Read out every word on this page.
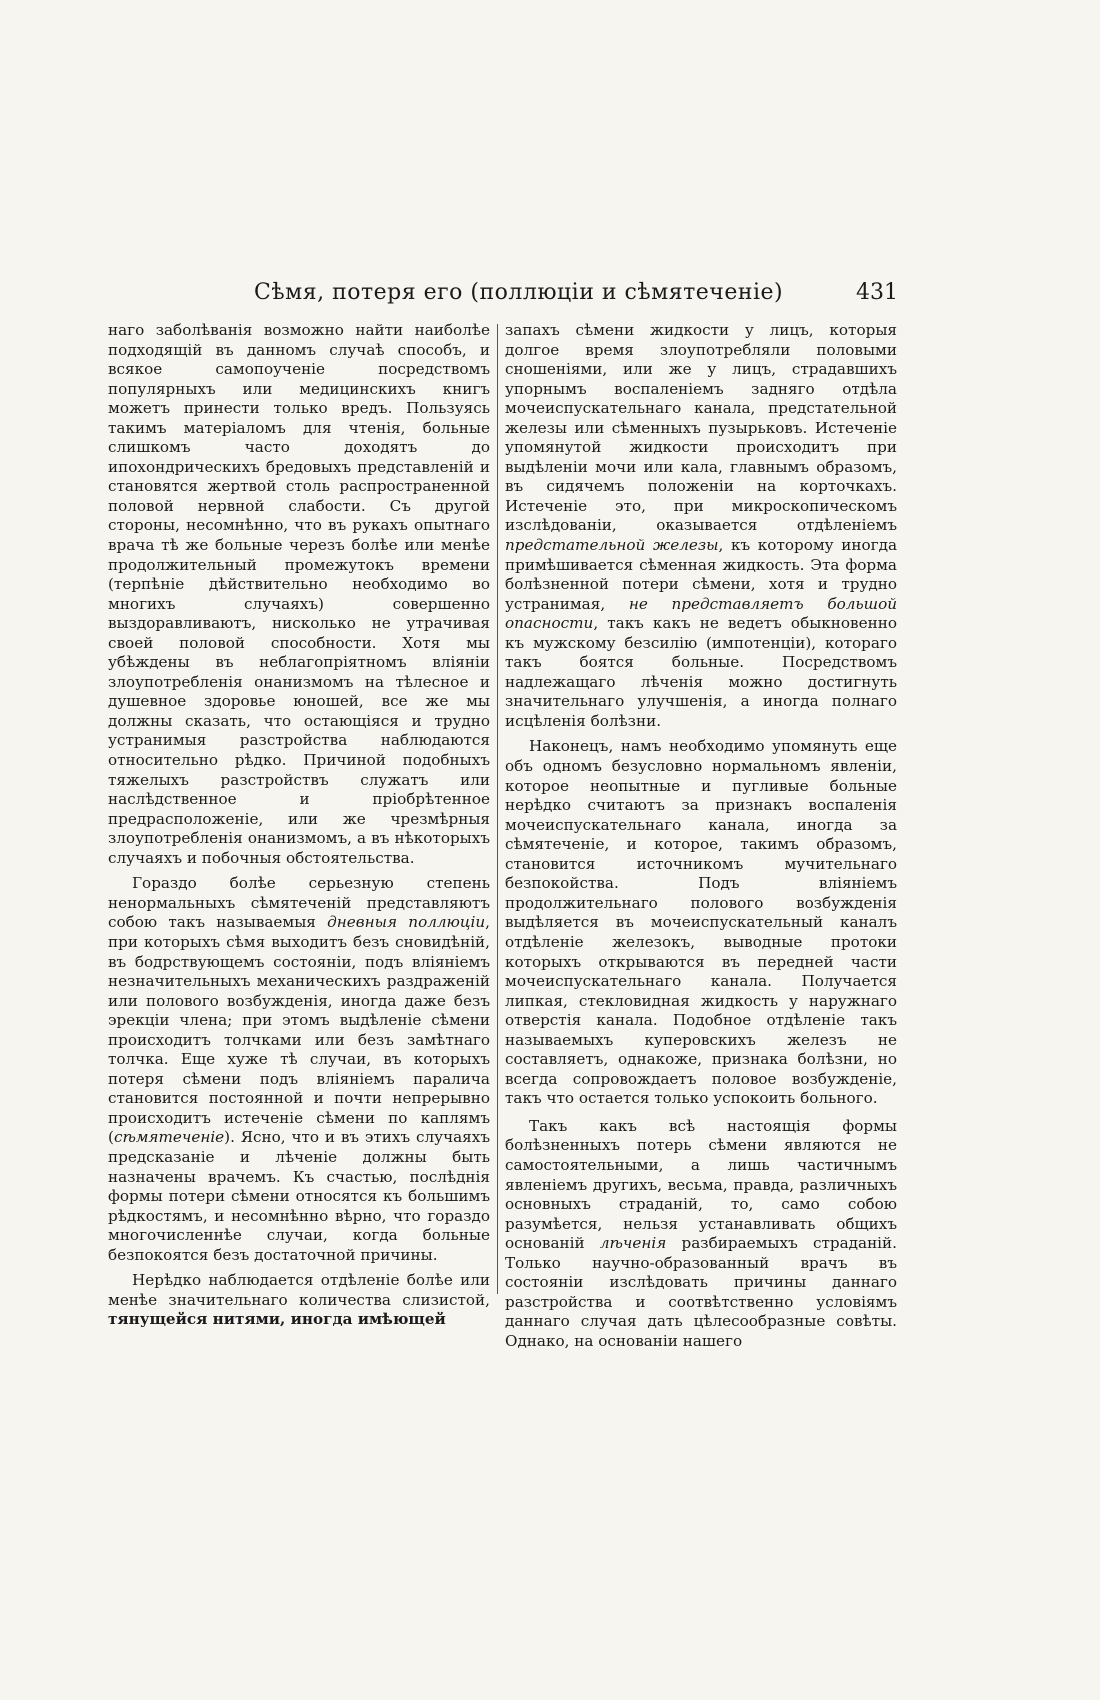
Сѣмя, потеря его (поллюціи и сѣмятеченіе)	431

наго заболѣванія возможно найти наиболѣе подходящій въ данномъ случаѣ способъ, и всякое самопоученіе посредствомъ популярныхъ или медицинскихъ книгъ можетъ принести только вредъ. Пользуясь такимъ матеріаломъ для чтенія, больные слишкомъ часто доходятъ до ипохондрическихъ бредовыхъ представленій и становятся жертвой столь распространенной половой нервной слабости. Съ другой стороны, несомнѣнно, что въ рукахъ опытнаго врача тѣ же больные черезъ болѣе или менѣе продолжительный промежутокъ времени (терпѣніе дѣйствительно необходимо во многихъ случаяхъ) совершенно выздоравливаютъ, нисколько не утрачивая своей половой способности. Хотя мы убѣждены въ неблагопріятномъ вліяніи злоупотребленія онанизмомъ на тѣлесное и душевное здоровье юношей, все же мы должны сказать, что остающіяся и трудно устранимыя разстройства наблюдаются относительно рѣдко. Причиной подобныхъ тяжелыхъ разстройствъ служатъ или наслѣдственное и пріобрѣтенное предрасположеніе, или же чрезмѣрныя злоупотребленія онанизмомъ, а въ нѣкоторыхъ случаяхъ и побочныя обстоятельства.

Гораздо болѣе серьезную степень ненормальныхъ сѣмятеченій представляютъ собою такъ называемыя дневныя поллюціи, при которыхъ сѣмя выходитъ безъ сновидѣній, въ бодрствующемъ состояніи, подъ вліяніемъ незначительныхъ механическихъ раздраженій или полового возбужденія, иногда даже безъ эрекціи члена; при этомъ выдѣленіе сѣмени происходитъ толчками или безъ замѣтнаго толчка. Еще хуже тѣ случаи, въ которыхъ потеря сѣмени подъ вліяніемъ паралича становится постоянной и почти непрерывно происходитъ истеченіе сѣмени по каплямъ (сѣмятеченіе). Ясно, что и въ этихъ случаяхъ предсказаніе и лѣченіе должны быть назначены врачемъ. Къ счастью, послѣднія формы потери сѣмени относятся къ большимъ рѣдкостямъ, и несомнѣнно вѣрно, что гораздо многочисленнѣе случаи, когда больные безпокоятся безъ достаточной причины.

Нерѣдко наблюдается отдѣленіе болѣе или менѣе значительнаго количества слизистой, тянущейся нитями, иногда имѣющей

запахъ сѣмени жидкости у лицъ, которыя долгое время злоупотребляли половыми сношеніями, или же у лицъ, страдавшихъ упорнымъ воспаленіемъ задняго отдѣла мочеиспускательнаго канала, предстательной железы или сѣменныхъ пузырьковъ. Истеченіе упомянутой жидкости происходитъ при выдѣленіи мочи или кала, главнымъ образомъ, въ сидячемъ положеніи на корточкахъ. Истеченіе это, при микроскопическомъ изслѣдованіи, оказывается отдѣленіемъ предстательной железы, къ которому иногда примѣшивается сѣменная жидкость. Эта форма болѣзненной потери сѣмени, хотя и трудно устранимая, не представляетъ большой опасности, такъ какъ не ведетъ обыкновенно къ мужскому безсилію (импотенціи), котораго такъ боятся больные. Посредствомъ надлежащаго лѣченія можно достигнуть значительнаго улучшенія, а иногда полнаго исцѣленія болѣзни.

Наконецъ, намъ необходимо упомянуть еще объ одномъ безусловно нормальномъ явленіи, которое неопытные и пугливые больные нерѣдко считаютъ за признакъ воспаленія мочеиспускательнаго канала, иногда за сѣмятеченіе, и которое, такимъ образомъ, становится источникомъ мучительнаго безпокойства. Подъ вліяніемъ продолжительнаго полового возбужденія выдѣляется въ мочеиспускательный каналъ отдѣленіе железокъ, выводные протоки которыхъ открываются въ передней части мочеиспускательнаго канала. Получается липкая, стекловидная жидкость у наружнаго отверстія канала. Подобное отдѣленіе такъ называемыхъ куперовскихъ железъ не составляетъ, однакоже, признака болѣзни, но всегда сопровождаетъ половое возбужденіе, такъ что остается только успокоить больного.

Такъ какъ всѣ настоящія формы болѣзненныхъ потерь сѣмени являются не самостоятельными, а лишь частичнымъ явленіемъ другихъ, весьма, правда, различныхъ основныхъ страданій, то, само собою разумѣется, нельзя устанавливать общихъ основаній лѣченія разбираемыхъ страданій. Только научно-образованный врачъ въ состояніи изслѣдовать причины даннаго разстройства и соотвѣтственно условіямъ даннаго случая дать цѣлесообразные совѣты. Однако, на основаніи нашего
